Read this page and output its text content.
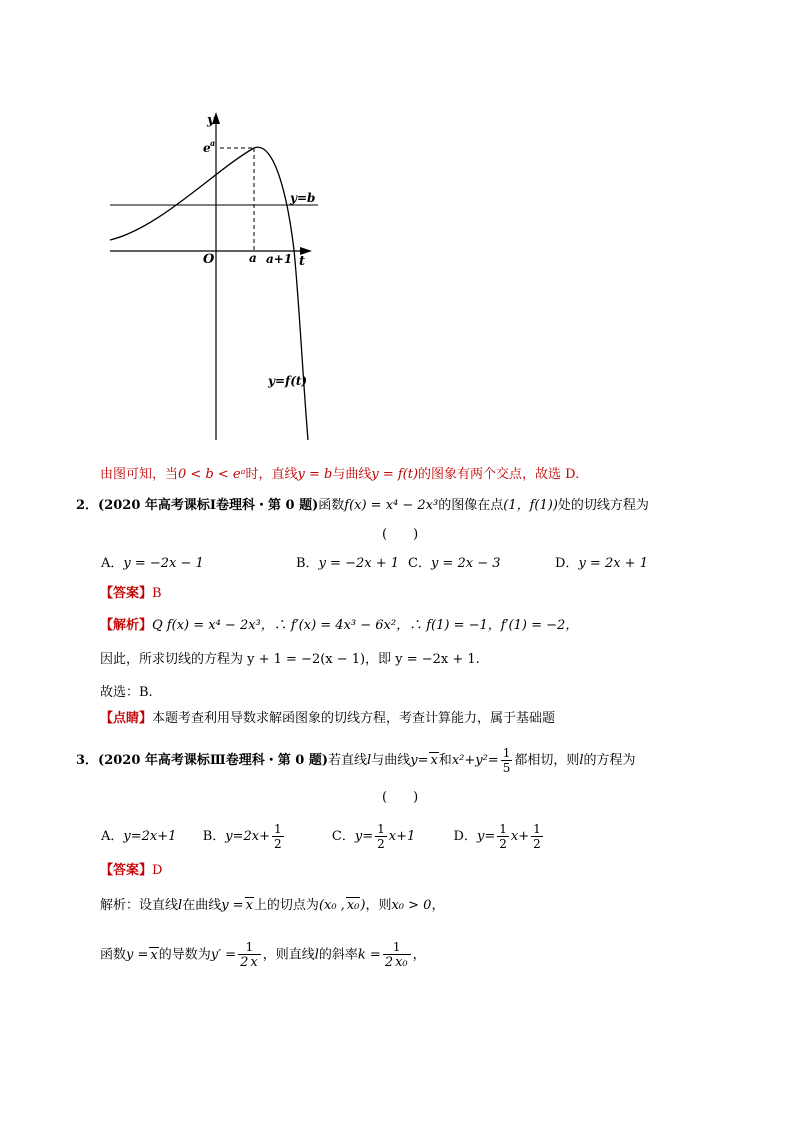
y
t
O	a a+1
e a
y=b
y=f(t)
由图可知，当0 < b < eᵃ时，直线y = b与曲线y = f(t)的图象有两个交点，故选 D.
2．(2020 年高考课标Ⅰ卷理科・第 0 题)函数f(x) = x⁴ − 2x³的图像在点(1，f(1))处的切线方程为
(　　)
A．y = −2x − 1	B．y = −2x + 1 C．y = 2x − 3	D．y = 2x + 1
【答案】B
【解析】Q f(x) = x⁴ − 2x³，∴ f′(x) = 4x³ − 6x²，∴ f(1) = −1，f′(1) = −2，
因此，所求切线的方程为 y + 1 = −2(x − 1)，即 y = −2x + 1.
故选：B.
【点睛】本题考查利用导数求解函图象的切线方程，考查计算能力，属于基础题
3．(2020 年高考课标Ⅲ卷理科・第 0 题)若直线l与曲线y= x和$x^2+y^2= \frac{1}{5}$ 都相切，则l的方程为
(　　)
A．y=2x+1 B．$y=2x+ \frac{1}{2}$	C．$y= \frac{1}{2} x+1$	D．$y= \frac{1}{2} x+ \frac{1}{2}$
【答案】D
解析：设直线l在曲线y = x上的切点为(x₀ , x₀)，则x₀ > 0，
函数y = x的导数为$y' = \frac{1}{2 x}$ ，则直线l的斜率$k = \frac{1}{\text{2 x₀}}$ ，
